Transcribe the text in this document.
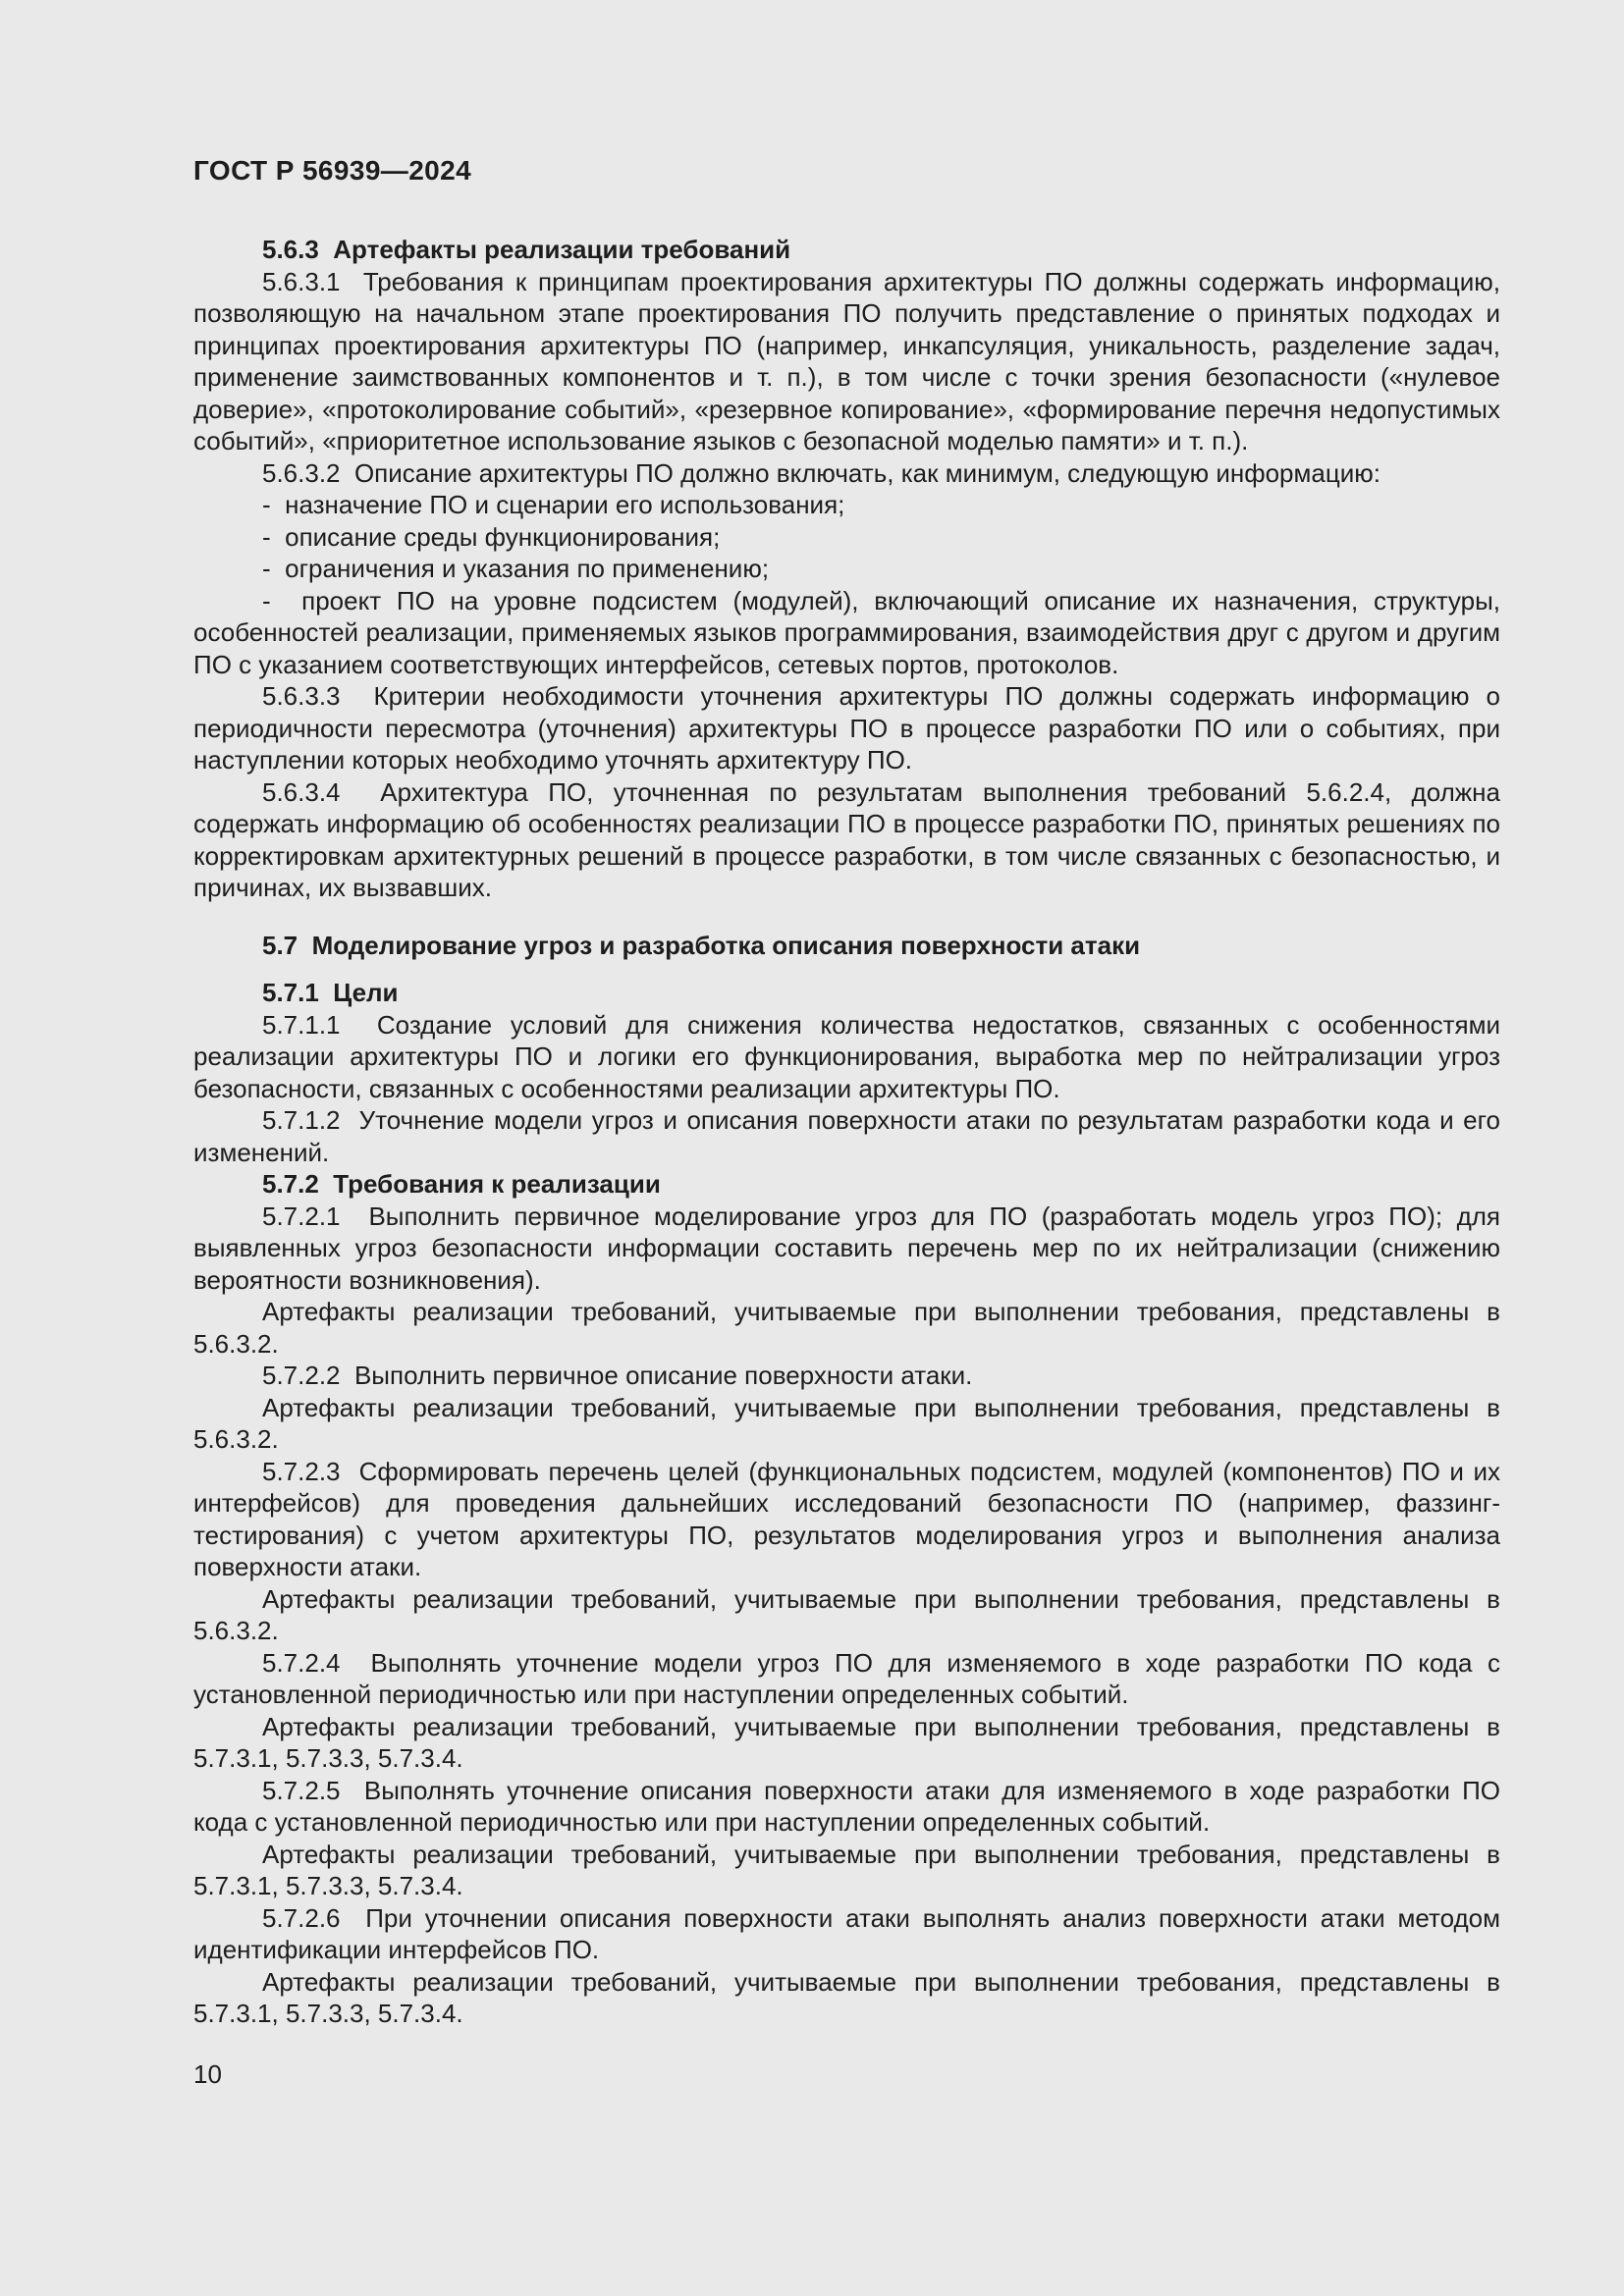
ГОСТ Р 56939—2024

5.6.3  Артефакты реализации требований

5.6.3.1  Требования к принципам проектирования архитектуры ПО должны содержать информацию, позволяющую на начальном этапе проектирования ПО получить представление о принятых подходах и принципах проектирования архитектуры ПО (например, инкапсуляция, уникальность, разделение задач, применение заимствованных компонентов и т. п.), в том числе с точки зрения безопасности («нулевое доверие», «протоколирование событий», «резервное копирование», «формирование перечня недопустимых событий», «приоритетное использование языков с безопасной моделью памяти» и т. п.).

5.6.3.2  Описание архитектуры ПО должно включать, как минимум, следующую информацию:

-  назначение ПО и сценарии его использования;

-  описание среды функционирования;

-  ограничения и указания по применению;

-  проект ПО на уровне подсистем (модулей), включающий описание их назначения, структуры, особенностей реализации, применяемых языков программирования, взаимодействия друг с другом и другим ПО с указанием соответствующих интерфейсов, сетевых портов, протоколов.

5.6.3.3  Критерии необходимости уточнения архитектуры ПО должны содержать информацию о периодичности пересмотра (уточнения) архитектуры ПО в процессе разработки ПО или о событиях, при наступлении которых необходимо уточнять архитектуру ПО.

5.6.3.4  Архитектура ПО, уточненная по результатам выполнения требований 5.6.2.4, должна содержать информацию об особенностях реализации ПО в процессе разработки ПО, принятых решениях по корректировкам архитектурных решений в процессе разработки, в том числе связанных с безопасностью, и причинах, их вызвавших.

5.7  Моделирование угроз и разработка описания поверхности атаки

5.7.1  Цели

5.7.1.1  Создание условий для снижения количества недостатков, связанных с особенностями реализации архитектуры ПО и логики его функционирования, выработка мер по нейтрализации угроз безопасности, связанных с особенностями реализации архитектуры ПО.

5.7.1.2  Уточнение модели угроз и описания поверхности атаки по результатам разработки кода и его изменений.

5.7.2  Требования к реализации

5.7.2.1  Выполнить первичное моделирование угроз для ПО (разработать модель угроз ПО); для выявленных угроз безопасности информации составить перечень мер по их нейтрализации (снижению вероятности возникновения).

Артефакты реализации требований, учитываемые при выполнении требования, представлены в 5.6.3.2.

5.7.2.2  Выполнить первичное описание поверхности атаки.

Артефакты реализации требований, учитываемые при выполнении требования, представлены в 5.6.3.2.

5.7.2.3  Сформировать перечень целей (функциональных подсистем, модулей (компонентов) ПО и их интерфейсов) для проведения дальнейших исследований безопасности ПО (например, фаззинг-тестирования) с учетом архитектуры ПО, результатов моделирования угроз и выполнения анализа поверхности атаки.

Артефакты реализации требований, учитываемые при выполнении требования, представлены в 5.6.3.2.

5.7.2.4  Выполнять уточнение модели угроз ПО для изменяемого в ходе разработки ПО кода с установленной периодичностью или при наступлении определенных событий.

Артефакты реализации требований, учитываемые при выполнении требования, представлены в 5.7.3.1, 5.7.3.3, 5.7.3.4.

5.7.2.5  Выполнять уточнение описания поверхности атаки для изменяемого в ходе разработки ПО кода с установленной периодичностью или при наступлении определенных событий.

Артефакты реализации требований, учитываемые при выполнении требования, представлены в 5.7.3.1, 5.7.3.3, 5.7.3.4.

5.7.2.6  При уточнении описания поверхности атаки выполнять анализ поверхности атаки методом идентификации интерфейсов ПО.

Артефакты реализации требований, учитываемые при выполнении требования, представлены в 5.7.3.1, 5.7.3.3, 5.7.3.4.

10
